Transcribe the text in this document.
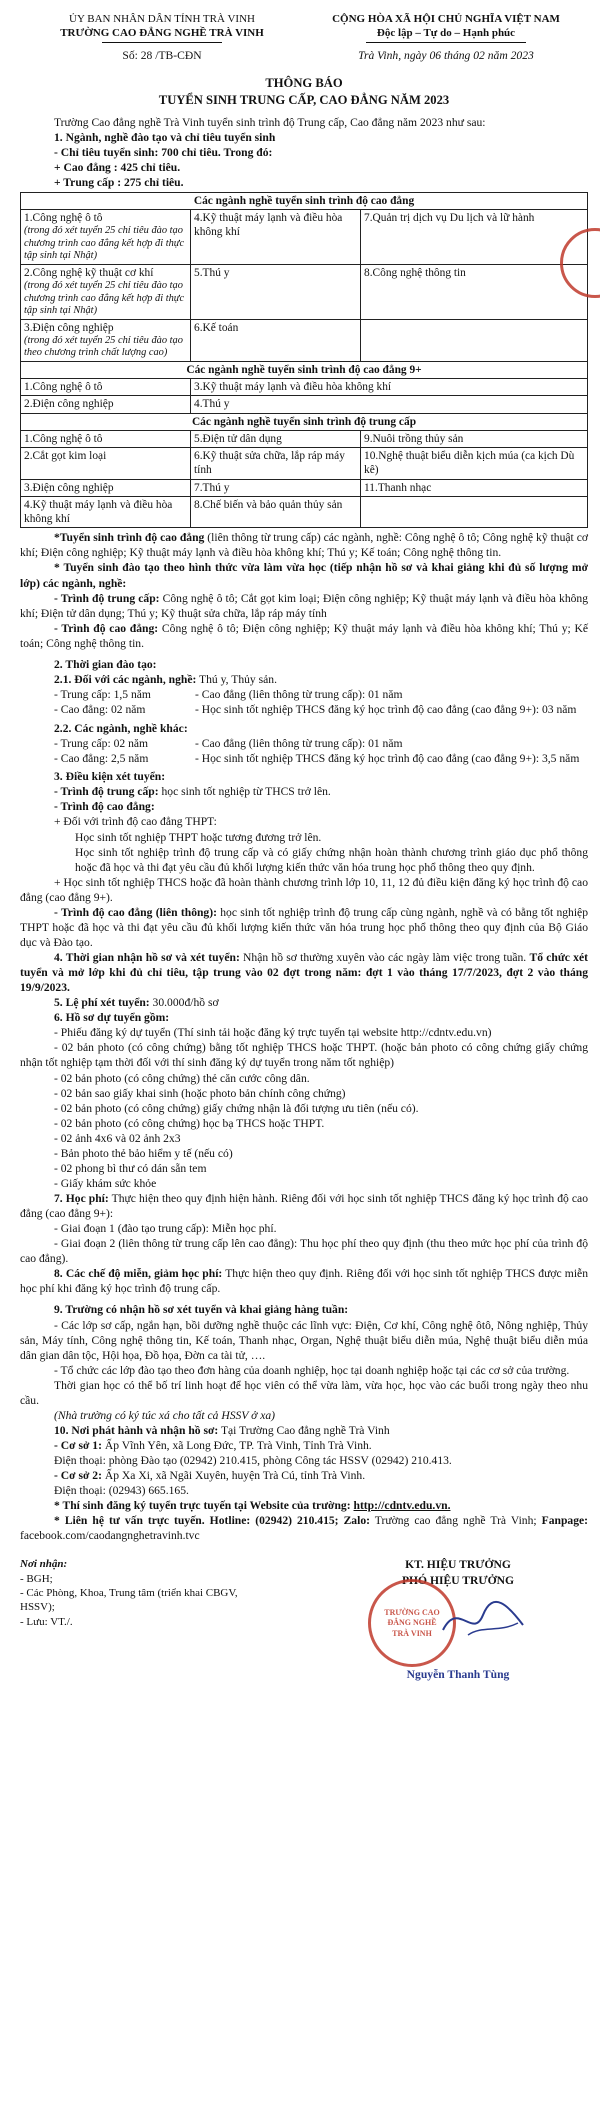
ỦY BAN NHÂN DÂN TỈNH TRÀ VINH
TRƯỜNG CAO ĐẲNG NGHỀ TRÀ VINH
CỘNG HÒA XÃ HỘI CHỦ NGHĨA VIỆT NAM
Độc lập – Tự do – Hạnh phúc
Số: 28 /TB-CĐN	Trà Vinh, ngày 06 tháng 02 năm 2023
THÔNG BÁO
TUYỂN SINH TRUNG CẤP, CAO ĐẲNG NĂM 2023

Trường Cao đẳng nghề Trà Vinh tuyển sinh trình độ Trung cấp, Cao đẳng năm 2023 như sau:

1. Ngành, nghề đào tạo và chỉ tiêu tuyển sinh

- Chỉ tiêu tuyển sinh: 700 chỉ tiêu. Trong đó:

+ Cao đẳng : 425 chỉ tiêu.

+ Trung cấp : 275 chỉ tiêu.

Các ngành nghề tuyển sinh trình độ cao đẳng		

1.Công nghệ ô tô
(trong đó xét tuyển 25 chỉ tiêu đào tạo chương trình cao đẳng kết hợp đi thực tập sinh tại Nhật)	4.Kỹ thuật máy lạnh và điều hòa không khí	7.Quản trị dịch vụ Du lịch và lữ hành

2.Công nghệ kỹ thuật cơ khí
(trong đó xét tuyển 25 chỉ tiêu đào tạo chương trình cao đẳng kết hợp đi thực tập sinh tại Nhật)	5.Thú y	8.Công nghệ thông tin

3.Điện công nghiệp
(trong đó xét tuyển 25 chỉ tiêu đào tạo theo chương trình chất lượng cao)	6.Kế toán	
Các ngành nghề tuyển sinh trình độ cao đẳng 9+		
1.Công nghệ ô tô	3.Kỹ thuật máy lạnh và điều hòa không khí	
2.Điện công nghiệp	4.Thú y	
Các ngành nghề tuyển sinh trình độ trung cấp		
1.Công nghệ ô tô	5.Điện tử dân dụng	9.Nuôi trồng thủy sản
2.Cắt gọt kim loại	6.Kỹ thuật sửa chữa, lắp ráp máy tính	10.Nghệ thuật biểu diễn kịch múa (ca kịch Dù kê)
3.Điện công nghiệp	7.Thú y	11.Thanh nhạc
4.Kỹ thuật máy lạnh và điều hòa không khí	8.Chế biến và bảo quản thủy sản	

*Tuyển sinh trình độ cao đẳng (liên thông từ trung cấp) các ngành, nghề: Công nghệ ô tô; Công nghệ kỹ thuật cơ khí; Điện công nghiệp; Kỹ thuật máy lạnh và điều hòa không khí; Thú y; Kế toán; Công nghệ thông tin.

* Tuyển sinh đào tạo theo hình thức vừa làm vừa học (tiếp nhận hồ sơ và khai giảng khi đủ số lượng mở lớp) các ngành, nghề:

- Trình độ trung cấp: Công nghệ ô tô; Cắt gọt kim loại; Điện công nghiệp; Kỹ thuật máy lạnh và điều hòa không khí; Điện tử dân dụng; Thú y; Kỹ thuật sửa chữa, lắp ráp máy tính

- Trình độ cao đẳng: Công nghệ ô tô; Điện công nghiệp; Kỹ thuật máy lạnh và điều hòa không khí; Thú y; Kế toán; Công nghệ thông tin.

2. Thời gian đào tạo:

2.1. Đối với các ngành, nghề: Thú y, Thủy sản.

- Trung cấp: 1,5 năm	- Cao đẳng (liên thông từ trung cấp): 01 năm
- Cao đẳng: 02 năm	- Học sinh tốt nghiệp THCS đăng ký học trình độ cao đẳng (cao đẳng 9+): 03 năm

2.2. Các ngành, nghề khác:

- Trung cấp: 02 năm	- Cao đẳng (liên thông từ trung cấp): 01 năm
- Cao đẳng: 2,5 năm	- Học sinh tốt nghiệp THCS đăng ký học trình độ cao đẳng (cao đẳng 9+): 3,5 năm

3. Điều kiện xét tuyển:

- Trình độ trung cấp: học sinh tốt nghiệp từ THCS trở lên.

- Trình độ cao đẳng:

+ Đối với trình độ cao đẳng THPT:

Học sinh tốt nghiệp THPT hoặc tương đương trở lên.

Học sinh tốt nghiệp trình độ trung cấp và có giấy chứng nhận hoàn thành chương trình giáo dục phổ thông hoặc đã học và thi đạt yêu cầu đủ khối lượng kiến thức văn hóa trung học phổ thông theo quy định.

+ Học sinh tốt nghiệp THCS hoặc đã hoàn thành chương trình lớp 10, 11, 12 đủ điều kiện đăng ký học trình độ cao đẳng (cao đẳng 9+).

- Trình độ cao đẳng (liên thông): học sinh tốt nghiệp trình độ trung cấp cùng ngành, nghề và có bằng tốt nghiệp THPT hoặc đã học và thi đạt yêu cầu đủ khối lượng kiến thức văn hóa trung học phổ thông theo quy định của Bộ Giáo dục và Đào tạo.

4. Thời gian nhận hồ sơ và xét tuyển: Nhận hồ sơ thường xuyên vào các ngày làm việc trong tuần. Tổ chức xét tuyển và mở lớp khi đủ chỉ tiêu, tập trung vào 02 đợt trong năm: đợt 1 vào tháng 17/7/2023, đợt 2 vào tháng 19/9/2023.

5. Lệ phí xét tuyển: 30.000đ/hồ sơ

6. Hồ sơ dự tuyển gồm:

- Phiếu đăng ký dự tuyển (Thí sinh tải hoặc đăng ký trực tuyến tại website http://cdntv.edu.vn)

- 02 bản photo (có công chứng) bằng tốt nghiệp THCS hoặc THPT. (hoặc bản photo có công chứng giấy chứng nhận tốt nghiệp tạm thời đối với thí sinh đăng ký dự tuyển trong năm tốt nghiệp)

- 02 bản photo (có công chứng) thẻ căn cước công dân.

- 02 bản sao giấy khai sinh (hoặc photo bản chính công chứng)

- 02 bản photo (có công chứng) giấy chứng nhận là đối tượng ưu tiên (nếu có).

- 02 bản photo (có công chứng) học bạ THCS hoặc THPT.

- 02 ảnh 4x6 và 02 ảnh 2x3

- Bản photo thẻ bảo hiểm y tế (nếu có)

- 02 phong bì thư có dán sẵn tem

- Giấy khám sức khỏe

7. Học phí: Thực hiện theo quy định hiện hành. Riêng đối với học sinh tốt nghiệp THCS đăng ký học trình độ cao đẳng (cao đẳng 9+):

- Giai đoạn 1 (đào tạo trung cấp): Miễn học phí.

- Giai đoạn 2 (liên thông từ trung cấp lên cao đẳng): Thu học phí theo quy định (thu theo mức học phí của trình độ cao đẳng).

8. Các chế độ miễn, giảm học phí: Thực hiện theo quy định. Riêng đối với học sinh tốt nghiệp THCS được miễn học phí khi đăng ký học trình độ trung cấp.

9. Trường có nhận hồ sơ xét tuyển và khai giảng hàng tuần:

- Các lớp sơ cấp, ngắn hạn, bồi dưỡng nghề thuộc các lĩnh vực: Điện, Cơ khí, Công nghệ ôtô, Nông nghiệp, Thủy sản, Máy tính, Công nghệ thông tin, Kế toán, Thanh nhạc, Organ, Nghệ thuật biểu diễn múa, Nghệ thuật biểu diễn múa dân gian dân tộc, Hội họa, Đồ họa, Đờn ca tài tử, ….

- Tổ chức các lớp đào tạo theo đơn hàng của doanh nghiệp, học tại doanh nghiệp hoặc tại các cơ sở của trường.

Thời gian học có thể bố trí linh hoạt để học viên có thể vừa làm, vừa học, học vào các buổi trong ngày theo nhu cầu.

(Nhà trường có ký túc xá cho tất cả HSSV ở xa)

10. Nơi phát hành và nhận hồ sơ: Tại Trường Cao đẳng nghề Trà Vinh

- Cơ sở 1: Ấp Vĩnh Yên, xã Long Đức, TP. Trà Vinh, Tỉnh Trà Vinh.

Điện thoại: phòng Đào tạo (02942) 210.415, phòng Công tác HSSV (02942) 210.413.

- Cơ sở 2: Ấp Xa Xi, xã Ngãi Xuyên, huyện Trà Cú, tỉnh Trà Vinh.

Điện thoại: (02943) 665.165.

* Thí sinh đăng ký tuyển trực tuyến tại Website của trường: http://cdntv.edu.vn.

* Liên hệ tư vấn trực tuyến. Hotline: (02942) 210.415; Zalo: Trường cao đẳng nghề Trà Vinh; Fanpage: facebook.com/caodangnghetravinh.tvc

Nơi nhận:
- BGH;
- Các Phòng, Khoa, Trung tâm (triển khai CBGV, HSSV);
- Lưu: VT./.
KT. HIỆU TRƯỞNG
PHÓ HIỆU TRƯỞNG
TRƯỜNG CAO ĐẲNG NGHỀ TRÀ VINH
Nguyễn Thanh Tùng
